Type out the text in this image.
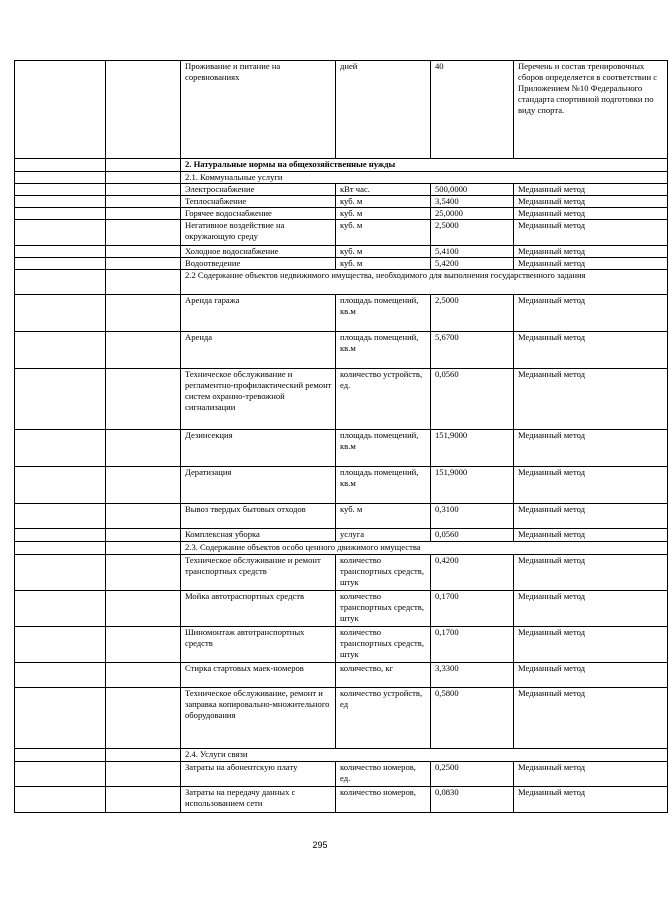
		Проживание и питание на соревнованиях	дней	40	Перечень и состав тренировочных сборов определяется в соответствии с Приложением №10 Федерального стандарта спортивной подготовки по виду спорта.
		2. Натуральные нормы на общехозяйственные нужды			
		2.1. Коммунальные услуги			
		Электроснабжение	кВт час.	500,0000	Медианный метод
		Теплоснабжение	куб. м	3,5400	Медианный метод
		Горячее водоснабжение	куб. м	25,0000	Медианный метод
		Негативное воздействие на окружающую среду	куб. м	2,5000	Медианный метод
		Холодное водоснабжение	куб. м	5,4100	Медианный метод
		Водоотведение	куб. м	5,4200	Медианный метод
		2.2 Содержание объектов недвижимого имущества, необходимого для выполнения государственного задания			
		Аренда гаража	площадь помещений, кв.м	2,5000	Медианный метод
		Аренда	площадь помещений, кв.м	5,6700	Медианный метод
		Техническое обслуживание и регламентно-профилактический ремонт систем охранно-тревожной сигнализации	количество устройств, ед.	0,0560	Медианный метод
		Дезинсекция	площадь помещений, кв.м	151,9000	Медианный метод
		Дератизация	площадь помещений, кв.м	151,9000	Медианный метод
		Вывоз твердых бытовых отходов	куб. м	0,3100	Медианный метод
		Комплексная уборка	услуга	0,0560	Медианный метод
		2.3. Содержание объектов особо ценного движимого имущества			
		Техническое обслуживание и ремонт транспортных средств	количество транспортных средств, штук	0,4200	Медианный метод
		Мойка автотраспортных средств	количество транспортных средств, штук	0,1700	Медианный метод
		Шиномонтаж автотранспортных средств	количество транспортных средств, штук	0,1700	Медианный метод
		Стирка стартовых маек-номеров	количество, кг	3,3300	Медианный метод
		Техническое обслуживание, ремонт и заправка копировально-множительного оборудования	количество устройств, ед	0,5800	Медианный метод
		2.4. Услуги связи			
		Затраты на абонентскую плату	количество номеров, ед.	0,2500	Медианный метод
		Затраты на передачу данных с использованием сети	количество номеров,	0,0830	Медианный метод
295
